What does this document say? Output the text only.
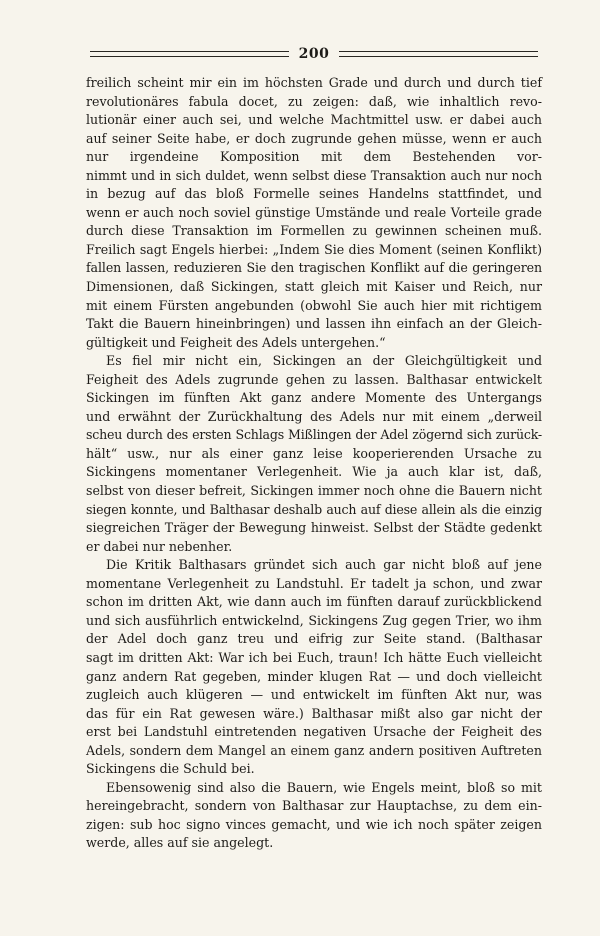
200
freilich scheint mir ein im höchsten Grade und durch und durch tief
revolutionäres fabula docet, zu zeigen: daß, wie inhaltlich revo-
lutionär einer auch sei, und welche Machtmittel usw. er dabei auch
auf seiner Seite habe, er doch zugrunde gehen müsse, wenn er auch
nur irgendeine Komposition mit dem Bestehenden vor-
nimmt und in sich duldet, wenn selbst diese Transaktion auch nur noch
in bezug auf das bloß Formelle seines Handelns stattfindet, und
wenn er auch noch soviel günstige Umstände und reale Vorteile grade
durch diese Transaktion im Formellen zu gewinnen scheinen muß.
Freilich sagt Engels hierbei: „Indem Sie dies Moment (seinen Konflikt)
fallen lassen, reduzieren Sie den tragischen Konflikt auf die geringeren
Dimensionen, daß Sickingen, statt gleich mit Kaiser und Reich, nur
mit einem Fürsten angebunden (obwohl Sie auch hier mit richtigem
Takt die Bauern hineinbringen) und lassen ihn einfach an der Gleich-
gültigkeit und Feigheit des Adels untergehen.“
Es fiel mir nicht ein, Sickingen an der Gleichgültigkeit und
Feigheit des Adels zugrunde gehen zu lassen. Balthasar entwickelt
Sickingen im fünften Akt ganz andere Momente des Untergangs
und erwähnt der Zurückhaltung des Adels nur mit einem „derweil
scheu durch des ersten Schlags Mißlingen der Adel zögernd sich zurück-
hält“ usw., nur als einer ganz leise kooperierenden Ursache zu
Sickingens momentaner Verlegenheit. Wie ja auch klar ist, daß,
selbst von dieser befreit, Sickingen immer noch ohne die Bauern nicht
siegen konnte, und Balthasar deshalb auch auf diese allein als die einzig
siegreichen Träger der Bewegung hinweist. Selbst der Städte gedenkt
er dabei nur nebenher.
Die Kritik Balthasars gründet sich auch gar nicht bloß auf jene
momentane Verlegenheit zu Landstuhl. Er tadelt ja schon, und zwar
schon im dritten Akt, wie dann auch im fünften darauf zurückblickend
und sich ausführlich entwickelnd, Sickingens Zug gegen Trier, wo ihm
der Adel doch ganz treu und eifrig zur Seite stand. (Balthasar
sagt im dritten Akt: War ich bei Euch, traun! Ich hätte Euch vielleicht
ganz andern Rat gegeben, minder klugen Rat — und doch vielleicht
zugleich auch klügeren — und entwickelt im fünften Akt nur, was
das für ein Rat gewesen wäre.) Balthasar mißt also gar nicht der
erst bei Landstuhl eintretenden negativen Ursache der Feigheit des
Adels, sondern dem Mangel an einem ganz andern positiven Auftreten
Sickingens die Schuld bei.
Ebensowenig sind also die Bauern, wie Engels meint, bloß so mit
hereingebracht, sondern von Balthasar zur Hauptachse, zu dem ein-
zigen: sub hoc signo vinces gemacht, und wie ich noch später zeigen
werde, alles auf sie angelegt.
